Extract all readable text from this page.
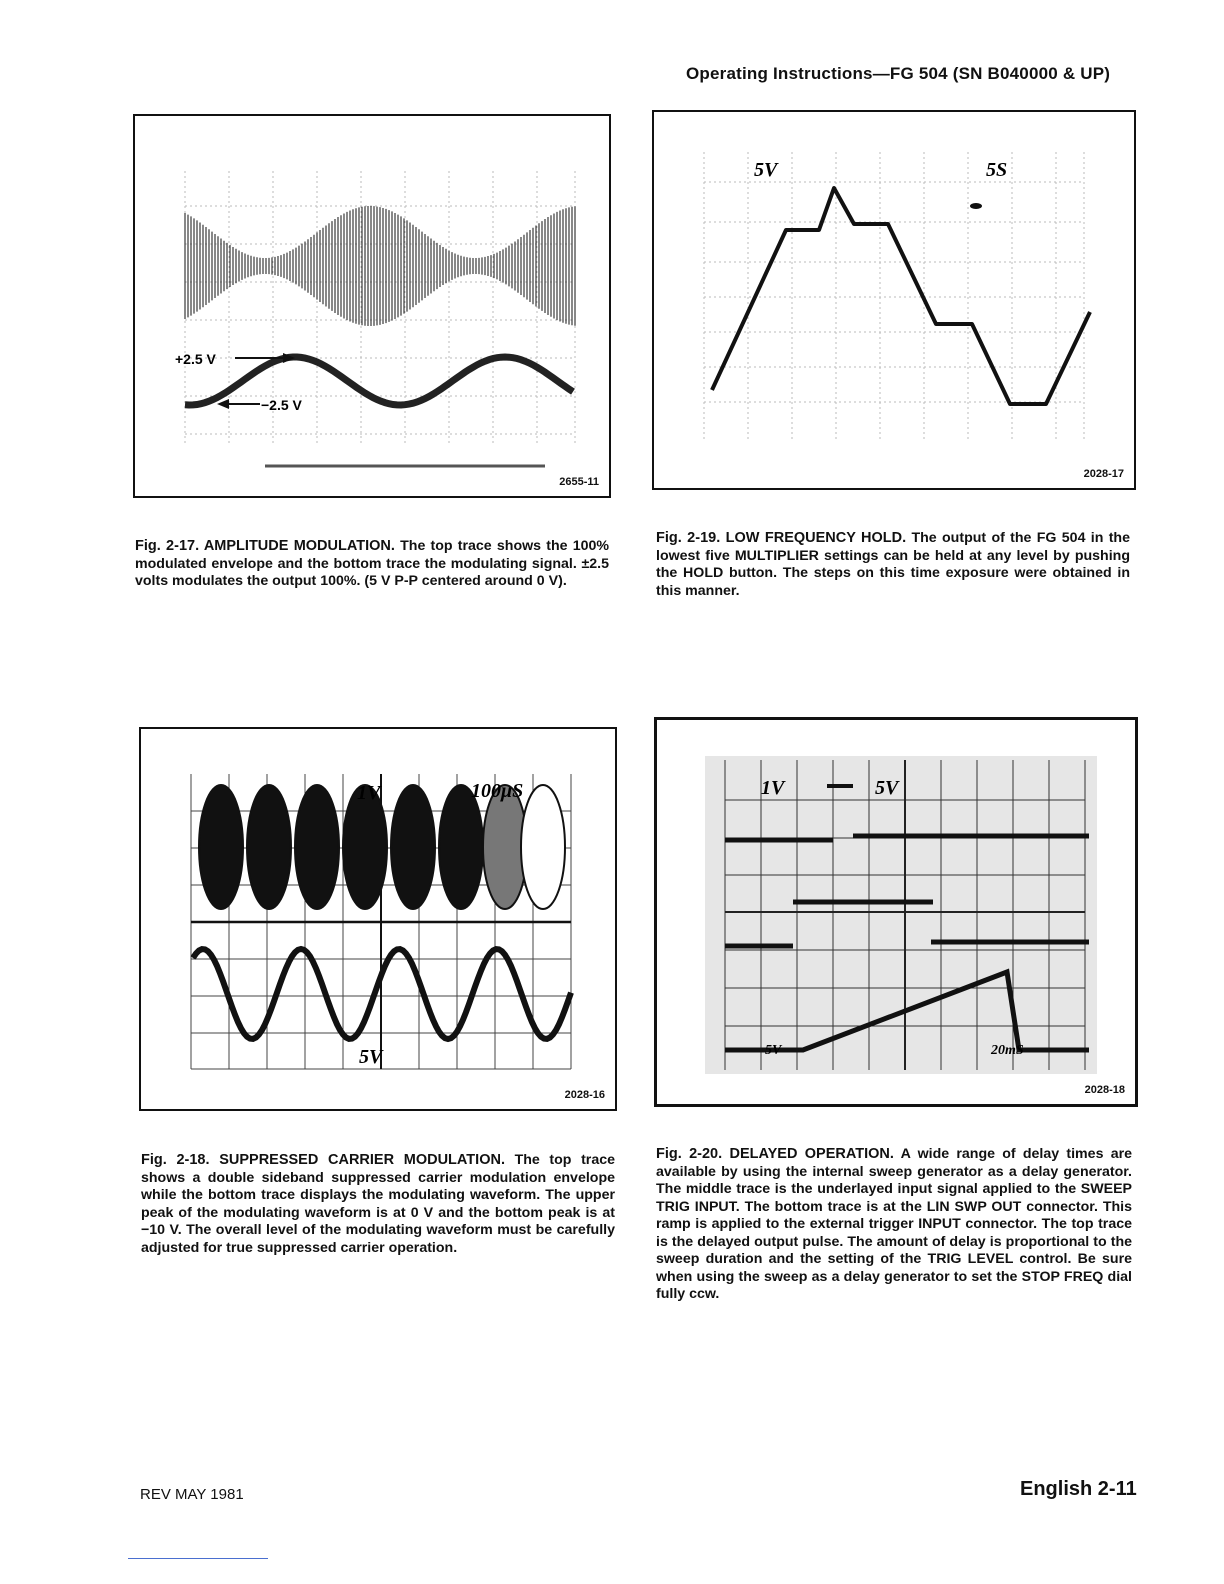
Operating Instructions—FG 504 (SN B040000 & UP)
+2.5 V
−2.5 V
2655-11
Fig. 2-17. AMPLITUDE MODULATION. The top trace shows the 100% modulated envelope and the bottom trace the modulating signal. ±2.5 volts modulates the output 100%. (5 V P-P centered around 0 V).
5V	5S
2028-17
Fig. 2-19. LOW FREQUENCY HOLD. The output of the FG 504 in the lowest five MULTIPLIER settings can be held at any level by pushing the HOLD button. The steps on this time exposure were obtained in this manner.
1V	100μS
5V
2028-16
Fig. 2-18. SUPPRESSED CARRIER MODULATION. The top trace shows a double sideband suppressed carrier modulation envelope while the bottom trace displays the modulating waveform. The upper peak of the modulating waveform is at 0 V and the bottom peak is at −10 V. The overall level of the modulating waveform must be carefully adjusted for true suppressed carrier operation.
1V	5V
5V	20mS
2028-18
Fig. 2-20. DELAYED OPERATION. A wide range of delay times are available by using the internal sweep generator as a delay generator. The middle trace is the underlayed input signal applied to the SWEEP TRIG INPUT. The bottom trace is at the LIN SWP OUT connector. This ramp is applied to the external trigger INPUT connector. The top trace is the delayed output pulse. The amount of delay is proportional to the sweep duration and the setting of the TRIG LEVEL control. Be sure when using the sweep as a delay generator to set the STOP FREQ dial fully ccw.
REV MAY 1981	English 2-11
